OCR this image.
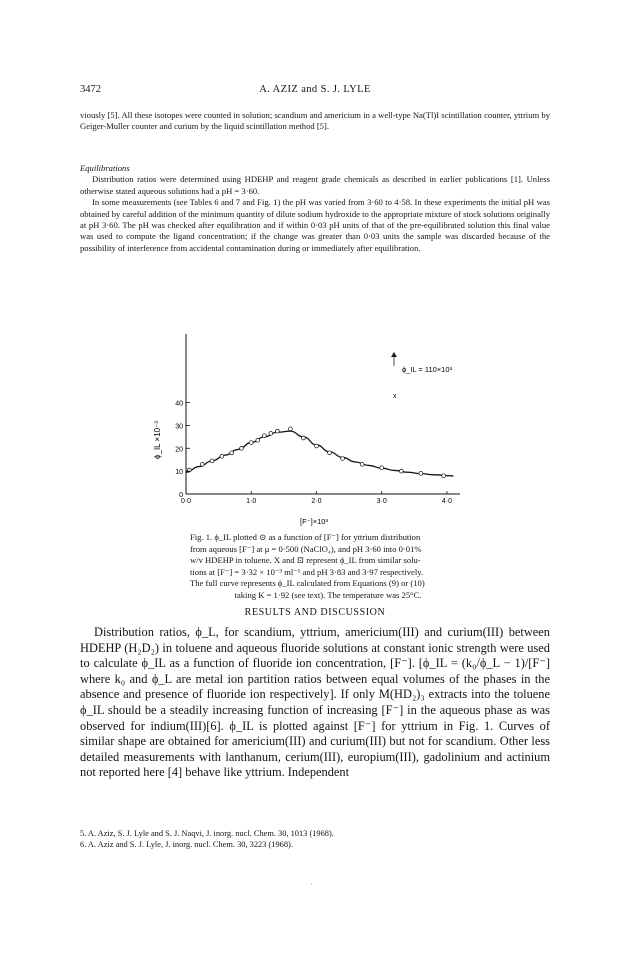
3472	A. AZIZ and S. J. LYLE

viously [5]. All these isotopes were counted in solution; scandium and americium in a well-type Na(Tl)I scintillation counter, yttrium by Geiger-Muller counter and curium by the liquid scintillation method [5].

Equilibrations

Distribution ratios were determined using HDEHP and reagent grade chemicals as described in earlier publications [1]. Unless otherwise stated aqueous solutions had a pH = 3·60.

In some measurements (see Tables 6 and 7 and Fig. 1) the pH was varied from 3·60 to 4·58. In these experiments the initial pH was obtained by careful addition of the minimum quantity of dilute sodium hydroxide to the appropriate mixture of stock solutions originally at pH 3·60. The pH was checked after equilibration and if within 0·03 pH units of that of the pre-equilibrated solution this final value was used to compute the ligand concentration; if the change was greater than 0·03 units the sample was discarded because of the possibility of interference from accidental contamination during or immediately after equilibration.

0
10
20
30
40
0·0	1·0	2·0	3·0	4·0
ϕ_IL ×10⁻³
[F⁻]×10³
ϕ_IL = 110×10³
x
Fig. 1. ϕ_IL plotted ⊙ as a function of [F⁻] for yttrium distribution
from aqueous [F⁻] at μ = 0·500 (NaClO₄), and pH 3·60 into 0·01%
w/v HDEHP in toluene. X and ⊡ represent ϕ_IL from similar solu-
tions at [F⁻] = 3·32 × 10⁻³ ml⁻¹ and pH 3·83 and 3·97 respectively.
The full curve represents ϕ_IL calculated from Equations (9) or (10)
taking K = 1·92 (see text). The temperature was 25°C.
RESULTS AND DISCUSSION

Distribution ratios, ϕ_L, for scandium, yttrium, americium(III) and curium(III) between HDEHP (H₂D₂) in toluene and aqueous fluoride solutions at constant ionic strength were used to calculate ϕ_IL as a function of fluoride ion concentration, [F⁻]. [ϕ_IL = (k₀/ϕ_L − 1)/[F⁻] where k₀ and ϕ_L are metal ion partition ratios between equal volumes of the phases in the absence and presence of fluoride ion respectively]. If only M(HD₂)₃ extracts into the toluene ϕ_IL should be a steadily increasing function of increasing [F⁻] in the aqueous phase as was observed for indium(III)[6]. ϕ_IL is plotted against [F⁻] for yttrium in Fig. 1. Curves of similar shape are obtained for americium(III) and curium(III) but not for scandium. Other less detailed measurements with lanthanum, cerium(III), europium(III), gadolinium and actinium not reported here [4] behave like yttrium. Independent

5. A. Aziz, S. J. Lyle and S. J. Naqvi, J. inorg. nucl. Chem. 30, 1013 (1968).
6. A. Aziz and S. J. Lyle, J. inorg. nucl. Chem. 30, 3223 (1968).
·
